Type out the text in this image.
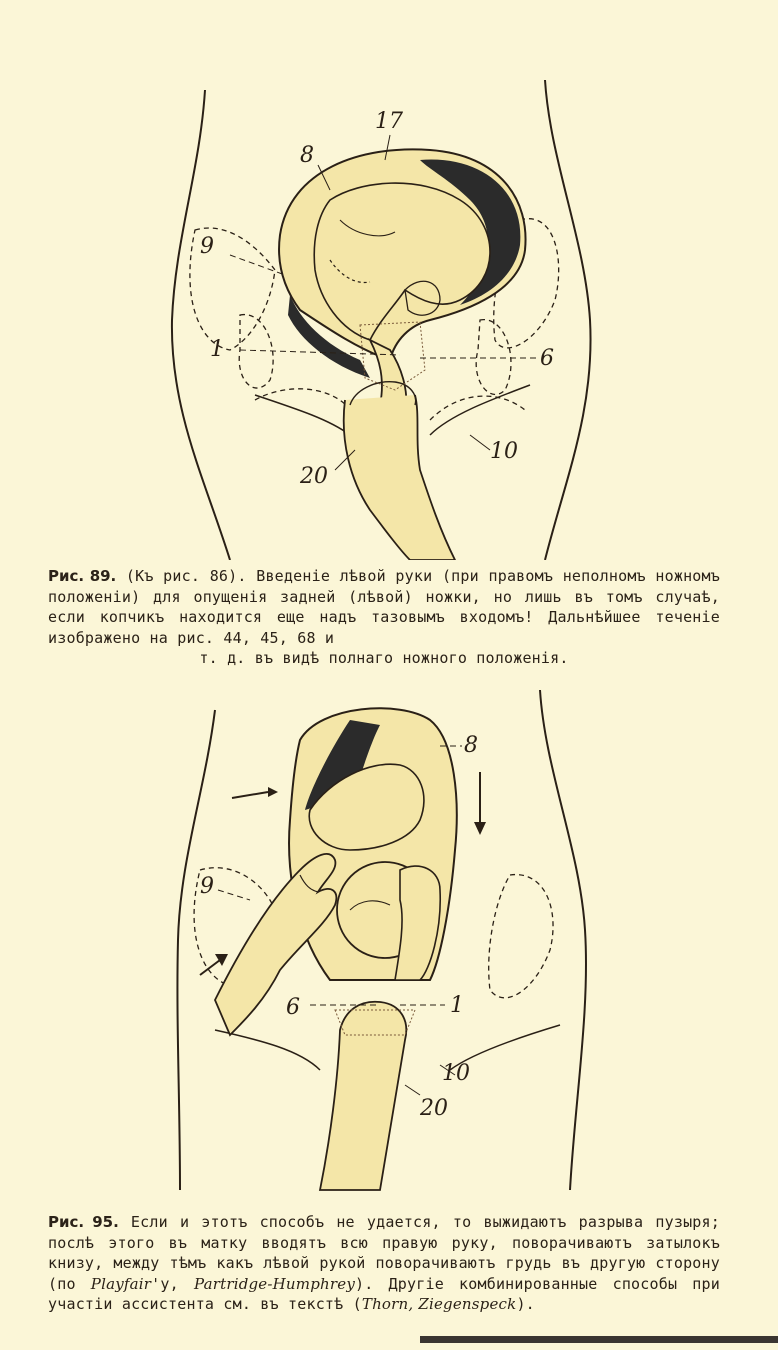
17
8
9
1	6
10
20

Рис. 89. (Къ рис. 86). Введеніе лѣвой руки (при правомъ неполномъ ножномъ положеніи) для опущенія задней (лѣвой) ножки, но лишь въ томъ случаѣ, если копчикъ находится еще надъ тазовымъ входомъ! Дальнѣйшее теченіе изображено на рис. 44, 45, 68 и

т. д. въ видѣ полнаго ножного положенія.

8
9
6	1
10
20

Рис. 95. Если и этотъ способъ не удается, то выжидаютъ разрыва пузыря; послѣ этого въ матку вводятъ всю правую руку, поворачиваютъ затылокъ книзу, между тѣмъ какъ лѣвой рукой поворачиваютъ грудь въ другую сторону (по Playfair'у, Partridge-Humphrey). Другіе комбинированные способы при участіи ассистента см. въ текстѣ (Thorn, Ziegenspeck).
